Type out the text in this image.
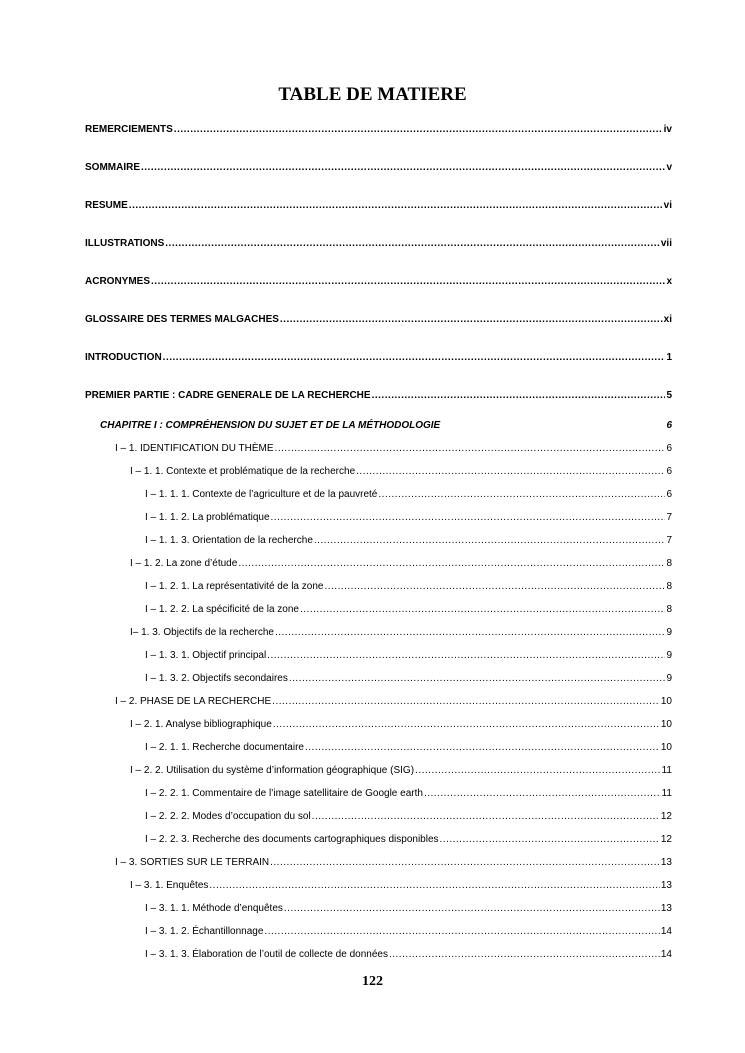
TABLE DE MATIERE
REMERCIEMENTS .....	iv
SOMMAIRE .....	v
RESUME .....	vi
ILLUSTRATIONS .....	vii
ACRONYMES .....	x
GLOSSAIRE DES TERMES MALGACHES .....	xi
INTRODUCTION .....	1
PREMIER PARTIE : CADRE GENERALE DE LA RECHERCHE .....	5
CHAPITRE I : COMPRÉHENSION DU SUJET ET DE LA MÉTHODOLOGIE	6
I – 1. IDENTIFICATION DU THÈME .....	6
I – 1. 1. Contexte et problématique de la recherche .....	6
I – 1. 1. 1. Contexte de l’agriculture et de la pauvreté .....	6
I – 1. 1. 2. La problématique .....	7
I – 1. 1. 3. Orientation de la recherche .....	7
I – 1. 2. La zone d’étude .....	8
I – 1. 2. 1. La représentativité de la zone .....	8
I – 1. 2. 2. La spécificité de la zone .....	8
I– 1. 3. Objectifs de la recherche .....	9
I – 1. 3. 1. Objectif principal .....	9
I – 1. 3. 2. Objectifs secondaires .....	9
I – 2. PHASE DE LA RECHERCHE .....	10
I – 2. 1. Analyse bibliographique .....	10
I – 2. 1. 1. Recherche documentaire .....	10
I – 2. 2. Utilisation du système d’information géographique (SIG) .....	11
I – 2. 2. 1. Commentaire de l’image satellitaire de Google earth .....	11
I – 2. 2. 2. Modes d’occupation du sol .....	12
I – 2. 2. 3. Recherche des documents cartographiques disponibles .....	12
I – 3. SORTIES SUR LE TERRAIN .....	13
I – 3. 1. Enquêtes .....	13
I – 3. 1. 1. Méthode d’enquêtes .....	13
I – 3. 1. 2. Échantillonnage .....	14
I – 3. 1. 3. Élaboration de l’outil de collecte de données .....	14
122
